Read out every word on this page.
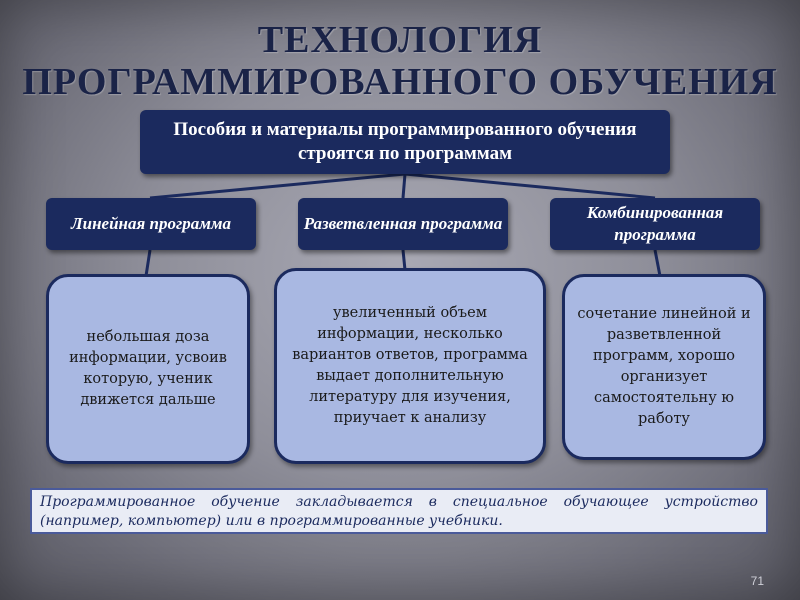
ТЕХНОЛОГИЯ
ПРОГРАММИРОВАННОГО ОБУЧЕНИЯ
Пособия и материалы программированного обучения строятся по программам
Линейная программа	Разветвленная программа
Комбинированная программа
небольшая доза информации, усвоив которую, ученик движется дальше
увеличенный объем информации, несколько вариантов ответов, программа выдает дополнительную литературу для изучения, приучает к анализу
сочетание линейной и разветвленной программ, хорошо организует самостоятельну ю работу
Программированное обучение закладывается в специальное обучающее устройство (например, компьютер) или в программированные учебники.
71
